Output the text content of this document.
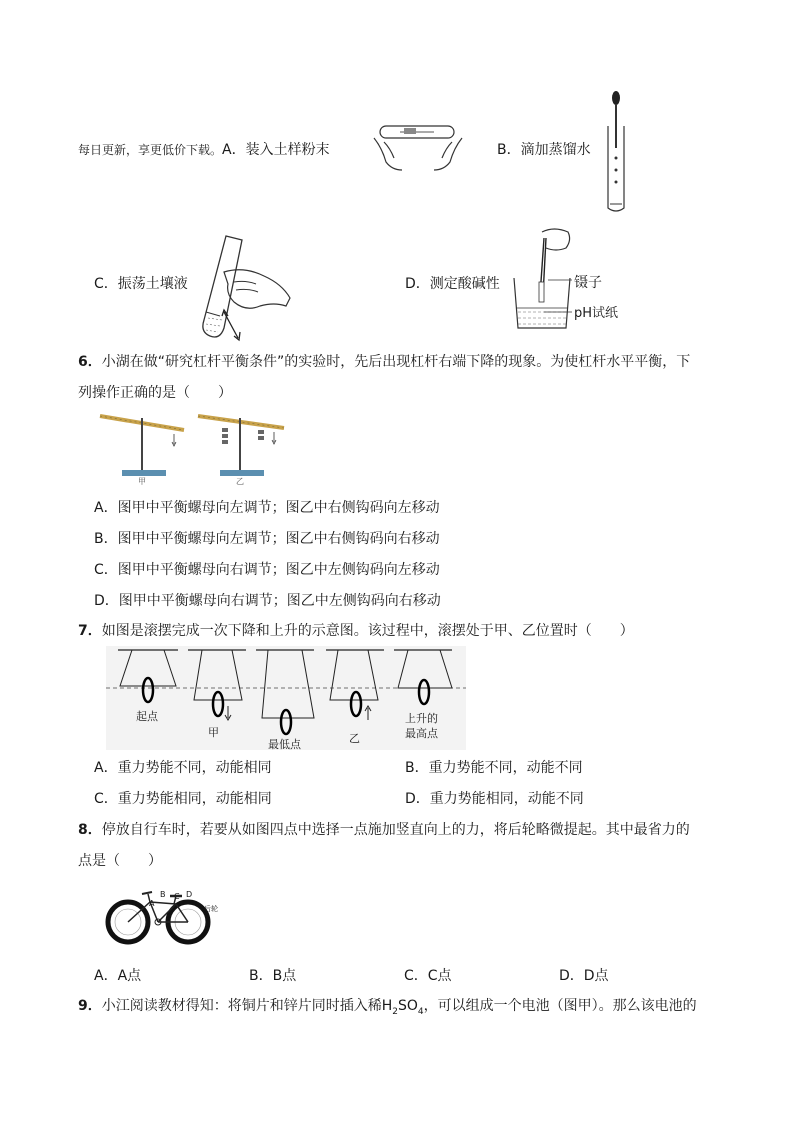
每日更新，享更低价下载。A．装入土样粉末	B．滴加蒸馏水
C．振荡土壤液	D．测定酸碱性	镊子
pH试纸
6．小湖在做“研究杠杆平衡条件”的实验时，先后出现杠杆右端下降的现象。为使杠杆水平平衡，下
列操作正确的是（　　）
甲	乙
A．图甲中平衡螺母向左调节；图乙中右侧钩码向左移动
B．图甲中平衡螺母向左调节；图乙中右侧钩码向右移动
C．图甲中平衡螺母向右调节；图乙中左侧钩码向左移动
D．图甲中平衡螺母向右调节；图乙中左侧钩码向右移动
7．如图是滚摆完成一次下降和上升的示意图。该过程中，滚摆处于甲、乙位置时（　　）
起点
甲
最低点	乙
上升的
最高点
A．重力势能不同，动能相同	B．重力势能不同，动能不同
C．重力势能相同，动能相同	D．重力势能相同，动能不同
8．停放自行车时，若要从如图四点中选择一点施加竖直向上的力，将后轮略微提起。其中最省力的
点是（　　）
A
B C D
后轮
A．A点	B．B点	C．C点	D．D点
9．小江阅读教材得知：将铜片和锌片同时插入稀$H_2SO_4$，可以组成一个电池（图甲）。那么该电池的
